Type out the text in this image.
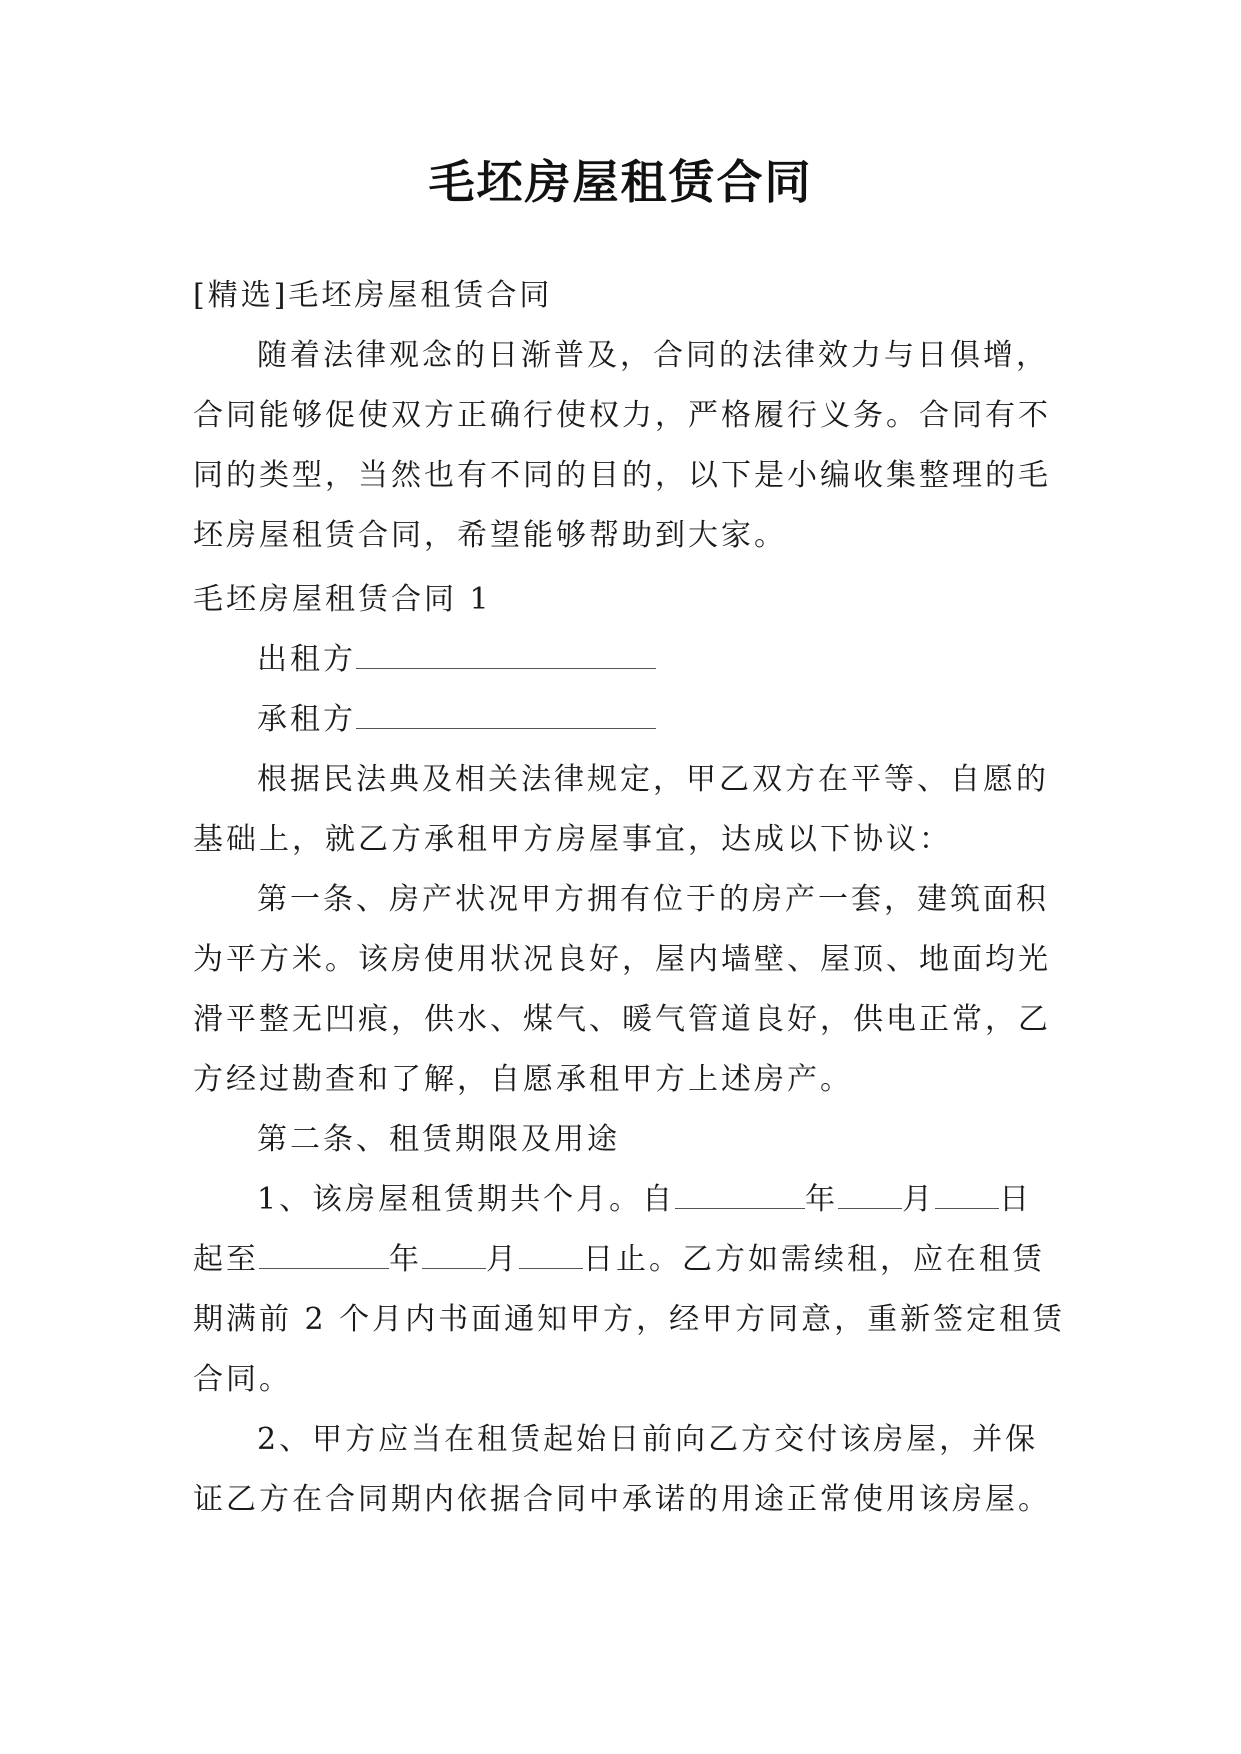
毛坯房屋租赁合同
[精选]毛坯房屋租赁合同
随着法律观念的日渐普及，合同的法律效力与日俱增，
合同能够促使双方正确行使权力，严格履行义务。合同有不
同的类型，当然也有不同的目的，以下是小编收集整理的毛
坯房屋租赁合同，希望能够帮助到大家。
毛坯房屋租赁合同 1
出租方
承租方
根据民法典及相关法律规定，甲乙双方在平等、自愿的
基础上，就乙方承租甲方房屋事宜，达成以下协议：
第一条、房产状况甲方拥有位于的房产一套，建筑面积
为平方米。该房使用状况良好，屋内墙壁、屋顶、地面均光
滑平整无凹痕，供水、煤气、暖气管道良好，供电正常，乙
方经过勘查和了解，自愿承租甲方上述房产。
第二条、租赁期限及用途
1、该房屋租赁期共个月。自	年 月 日
起至	年 月 日止。乙方如需续租，应在租赁
期满前 2 个月内书面通知甲方，经甲方同意，重新签定租赁
合同。
2、甲方应当在租赁起始日前向乙方交付该房屋，并保
证乙方在合同期内依据合同中承诺的用途正常使用该房屋。
